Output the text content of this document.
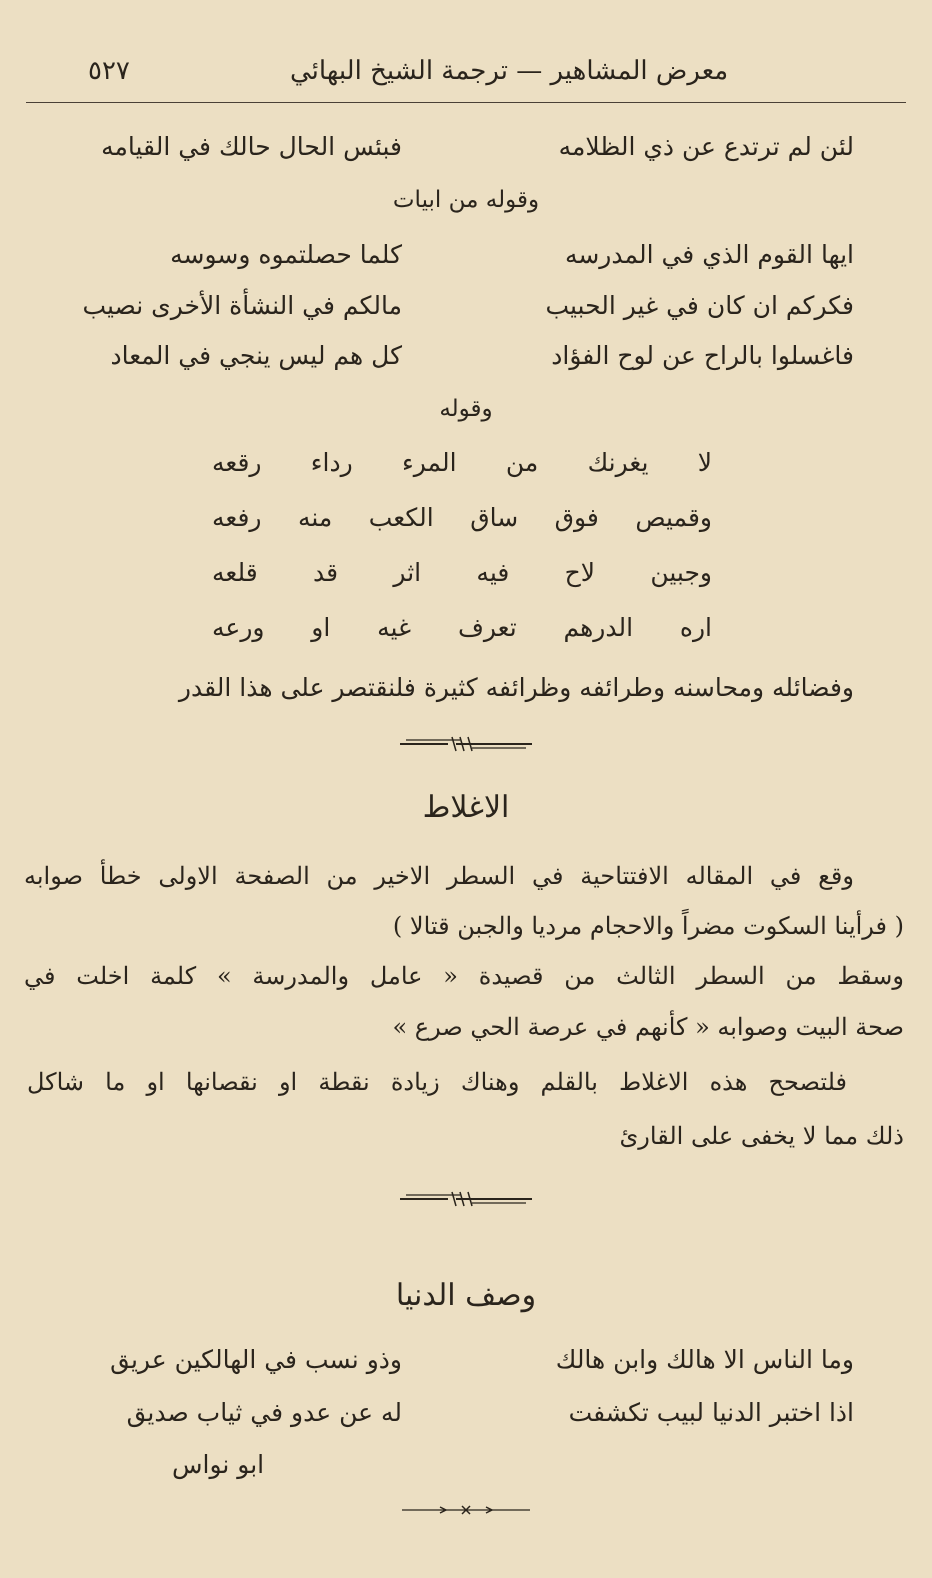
٥٢٧	معرض المشاهير — ترجمة الشيخ البهائي
لئن لم ترتدع عن ذي الظلامه
فبئس الحال حالك في القيامه
وقوله من ابيات
ايها القوم الذي في المدرسه
كلما حصلتموه وسوسه
فكركم ان كان في غير الحبيب
مالكم في النشأة الأخرى نصيب
فاغسلوا بالراح عن لوح الفؤاد
كل هم ليس ينجي في المعاد
وقوله
لا يغرنك من المرء رداء رقعه
وقميص فوق ساق الكعب منه رفعه
وجبين لاح فيه اثر قد قلعه
اره الدرهم تعرف غيه او ورعه
وفضائله ومحاسنه وطرائفه وظرائفه كثيرة فلنقتصر على هذا القدر
الاغلاط
وقع في المقاله الافتتاحية في السطر الاخير من الصفحة الاولى خطأ صوابه
( فرأينا السكوت مضراً والاحجام مرديا والجبن قتالا )
وسقط من السطر الثالث من قصيدة « عامل والمدرسة » كلمة اخلت في
صحة البيت وصوابه « كأنهم في عرصة الحي صرع »
فلتصحح هذه الاغلاط بالقلم وهناك زيادة نقطة او نقصانها او ما شاكل
ذلك مما لا يخفى على القارئ
وصف الدنيا
وما الناس الا هالك وابن هالك
وذو نسب في الهالكين عريق
اذا اختبر الدنيا لبيب تكشفت
له عن عدو في ثياب صديق
ابو نواس
